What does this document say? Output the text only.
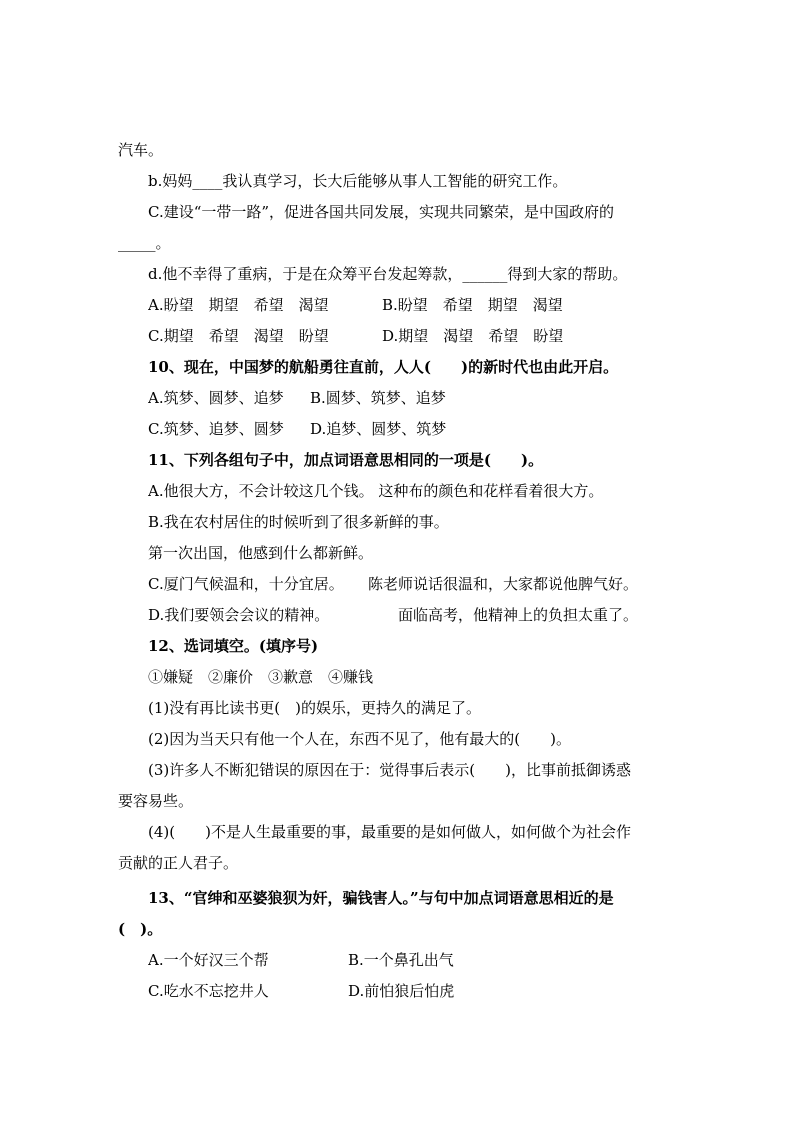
汽车。
b.妈妈____我认真学习，长大后能够从事人工智能的研究工作。
C.建设“一带一路”，促进各国共同发展，实现共同繁荣，是中国政府的
_____。
d.他不幸得了重病，于是在众筹平台发起筹款，______得到大家的帮助。
A.盼望　期望　希望　渴望	B.盼望　希望　期望　渴望
C.期望　希望　渴望　盼望	D.期望　渴望　希望　盼望
10、现在，中国梦的航船勇往直前，人人(　　)的新时代也由此开启。
A.筑梦、圆梦、追梦 B.圆梦、筑梦、追梦
C.筑梦、追梦、圆梦 D.追梦、圆梦、筑梦
11、下列各组句子中，加点词语意思相同的一项是(　　)。
A.他很大方，不会计较这几个钱。 这种布的颜色和花样看着很大方。
B.我在农村居住的时候听到了很多新鲜的事。
第一次出国，他感到什么都新鲜。
C.厦门气候温和，十分宜居。 陈老师说话很温和，大家都说他脾气好。
D.我们要领会会议的精神。	面临高考，他精神上的负担太重了。
12、选词填空。(填序号)
①嫌疑　②廉价　③歉意　④赚钱
(1)没有再比读书更(　)的娱乐，更持久的满足了。
(2)因为当天只有他一个人在，东西不见了，他有最大的(　　)。
(3)许多人不断犯错误的原因在于：觉得事后表示(　　)，比事前抵御诱惑
要容易些。
(4)(　　)不是人生最重要的事，最重要的是如何做人，如何做个为社会作
贡献的正人君子。
13、“官绅和巫婆狼狈为奸，骗钱害人。”与句中加点词语意思相近的是
(　)。
A.一个好汉三个帮	B.一个鼻孔出气
C.吃水不忘挖井人	D.前怕狼后怕虎
